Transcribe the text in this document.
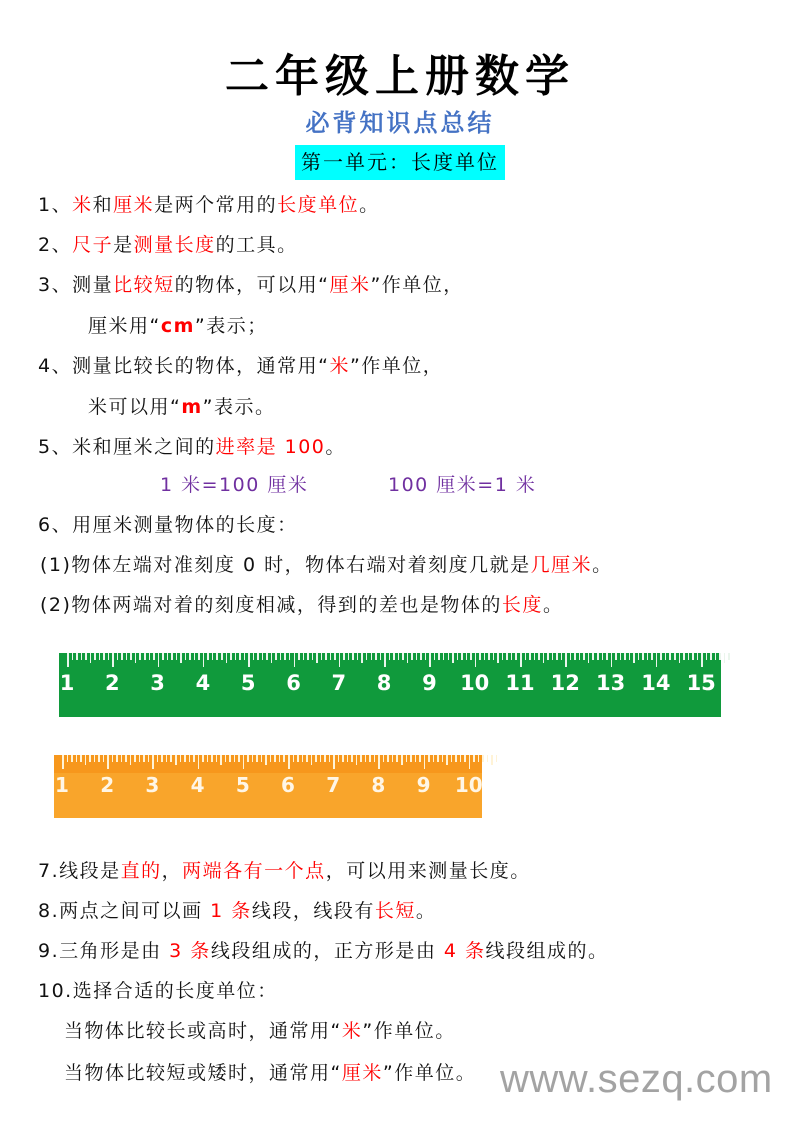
二年级上册数学
必背知识点总结
第一单元：长度单位
1、米和厘米是两个常用的长度单位。
2、尺子是测量长度的工具。
3、测量比较短的物体，可以用“厘米”作单位，
厘米用“cm”表示；
4、测量比较长的物体，通常用“米”作单位，
米可以用“m”表示。
5、米和厘米之间的进率是 100。
1 米=100 厘米	100 厘米=1 米
6、用厘米测量物体的长度：
(1)物体左端对准刻度 0 时，物体右端对着刻度几就是几厘米。
(2)物体两端对着的刻度相减，得到的差也是物体的长度。
1 2 3 4 5 6 7 8 9 10 11 12 13 14 15
1 2 3 4 5 6 7 8 9 10
7.线段是直的，两端各有一个点，可以用来测量长度。
8.两点之间可以画 1 条线段，线段有长短。
9.三角形是由 3 条线段组成的，正方形是由 4 条线段组成的。
10.选择合适的长度单位：
当物体比较长或高时，通常用“米”作单位。
当物体比较短或矮时，通常用“厘米”作单位。 www.sezq.com
